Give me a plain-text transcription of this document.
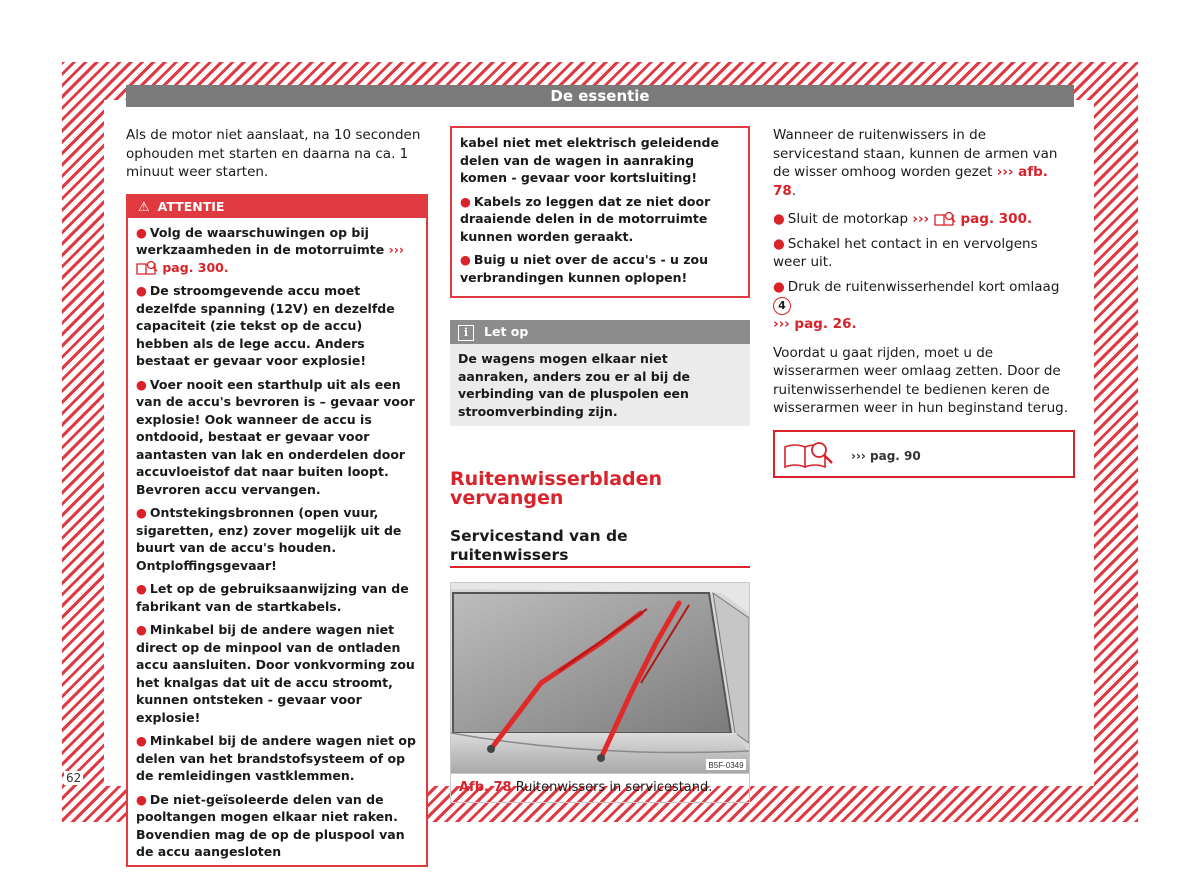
De essentie

Als de motor niet aanslaat, na 10 seconden ophouden met starten en daarna na ca. 1 minuut weer starten.

⚠ ATTENTIE
● Volg de waarschuwingen op bij werkzaamheden in de motorruimte ›››  pag. 300.
● De stroomgevende accu moet dezelfde spanning (12V) en dezelfde capaciteit (zie tekst op de accu) hebben als de lege accu. Anders bestaat er gevaar voor explosie!
● Voer nooit een starthulp uit als een van de accu's bevroren is – gevaar voor explosie! Ook wanneer de accu is ontdooid, bestaat er gevaar voor aantasten van lak en onderdelen door accuvloeistof dat naar buiten loopt. Bevroren accu vervangen.
● Ontstekingsbronnen (open vuur, sigaretten, enz) zover mogelijk uit de buurt van de accu's houden. Ontploffingsgevaar!
● Let op de gebruiksaanwijzing van de fabrikant van de startkabels.
● Minkabel bij de andere wagen niet direct op de minpool van de ontladen accu aansluiten. Door vonkvorming zou het knalgas dat uit de accu stroomt, kunnen ontsteken - gevaar voor explosie!
● Minkabel bij de andere wagen niet op delen van het brandstofsysteem of op de remleidingen vastklemmen.
● De niet-geïsoleerde delen van de pooltangen mogen elkaar niet raken. Bovendien mag de op de pluspool van de accu aangesloten
kabel niet met elektrisch geleidende delen van de wagen in aanraking komen - gevaar voor kortsluiting!
● Kabels zo leggen dat ze niet door draaiende delen in de motorruimte kunnen worden geraakt.
● Buig u niet over de accu's - u zou verbrandingen kunnen oplopen!
i Let op
De wagens mogen elkaar niet aanraken, anders zou er al bij de verbinding van de pluspolen een stroomverbinding zijn.
Ruitenwisserbladen vervangen
Servicestand van de ruitenwissers
B5F-0349
Afb. 78 Ruitenwissers in servicestand.

Wanneer de ruitenwissers in de servicestand staan, kunnen de armen van de wisser omhoog worden gezet ››› afb. 78.

● Sluit de motorkap ››› pag. 300.

● Schakel het contact in en vervolgens weer uit.

● Druk de ruitenwisserhendel kort omlaag 4
››› pag. 26.

Voordat u gaat rijden, moet u de wisserarmen weer omlaag zetten. Door de ruitenwisserhendel te bedienen keren de wisserarmen weer in hun beginstand terug.

››› pag. 90
62
